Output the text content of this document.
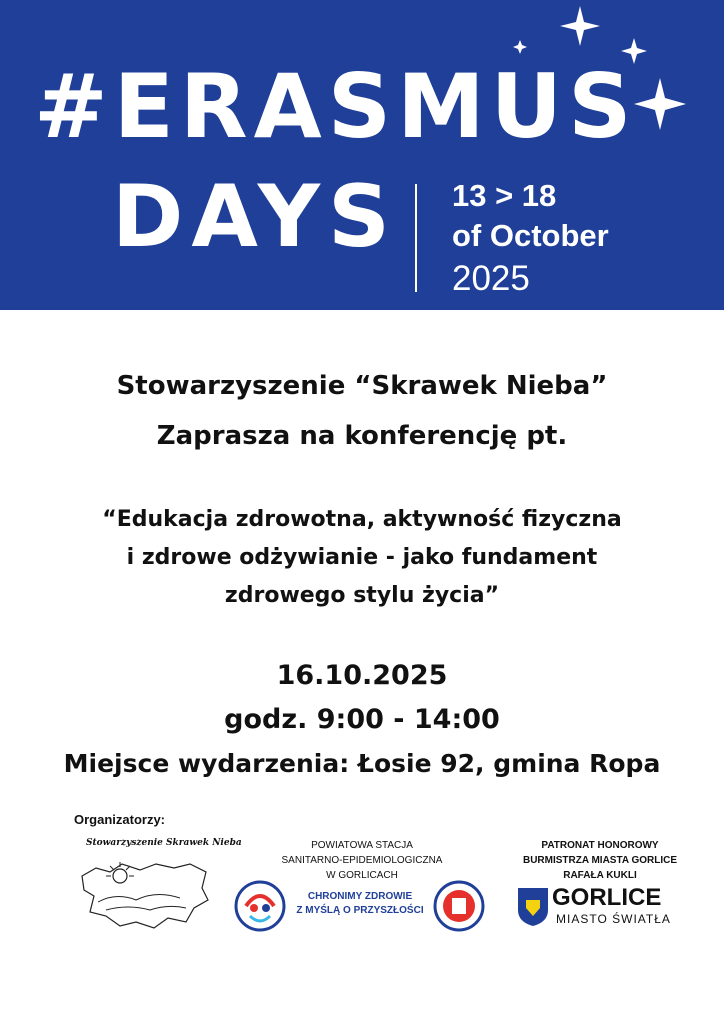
#ERASMUS
DAYS 13 > 18
of October
2025
Stowarzyszenie “Skrawek Nieba”
Zaprasza na konferencję pt.
“Edukacja zdrowotna, aktywność fizyczna
i zdrowe odżywianie - jako fundament
zdrowego stylu życia”
16.10.2025
godz. 9:00 - 14:00
Miejsce wydarzenia: Łosie 92, gmina Ropa
Organizatorzy:
Stowarzyszenie Skrawek Nieba	POWIATOWA STACJA
SANITARNO-EPIDEMIOLOGICZNA
W GORLICACH
CHRONIMY ZDROWIE
Z MYŚLĄ O PRZYSZŁOŚCI
PATRONAT HONOROWY
BURMISTRZA MIASTA GORLICE
RAFAŁA KUKLI
GORLICE
MIASTO ŚWIATŁA
